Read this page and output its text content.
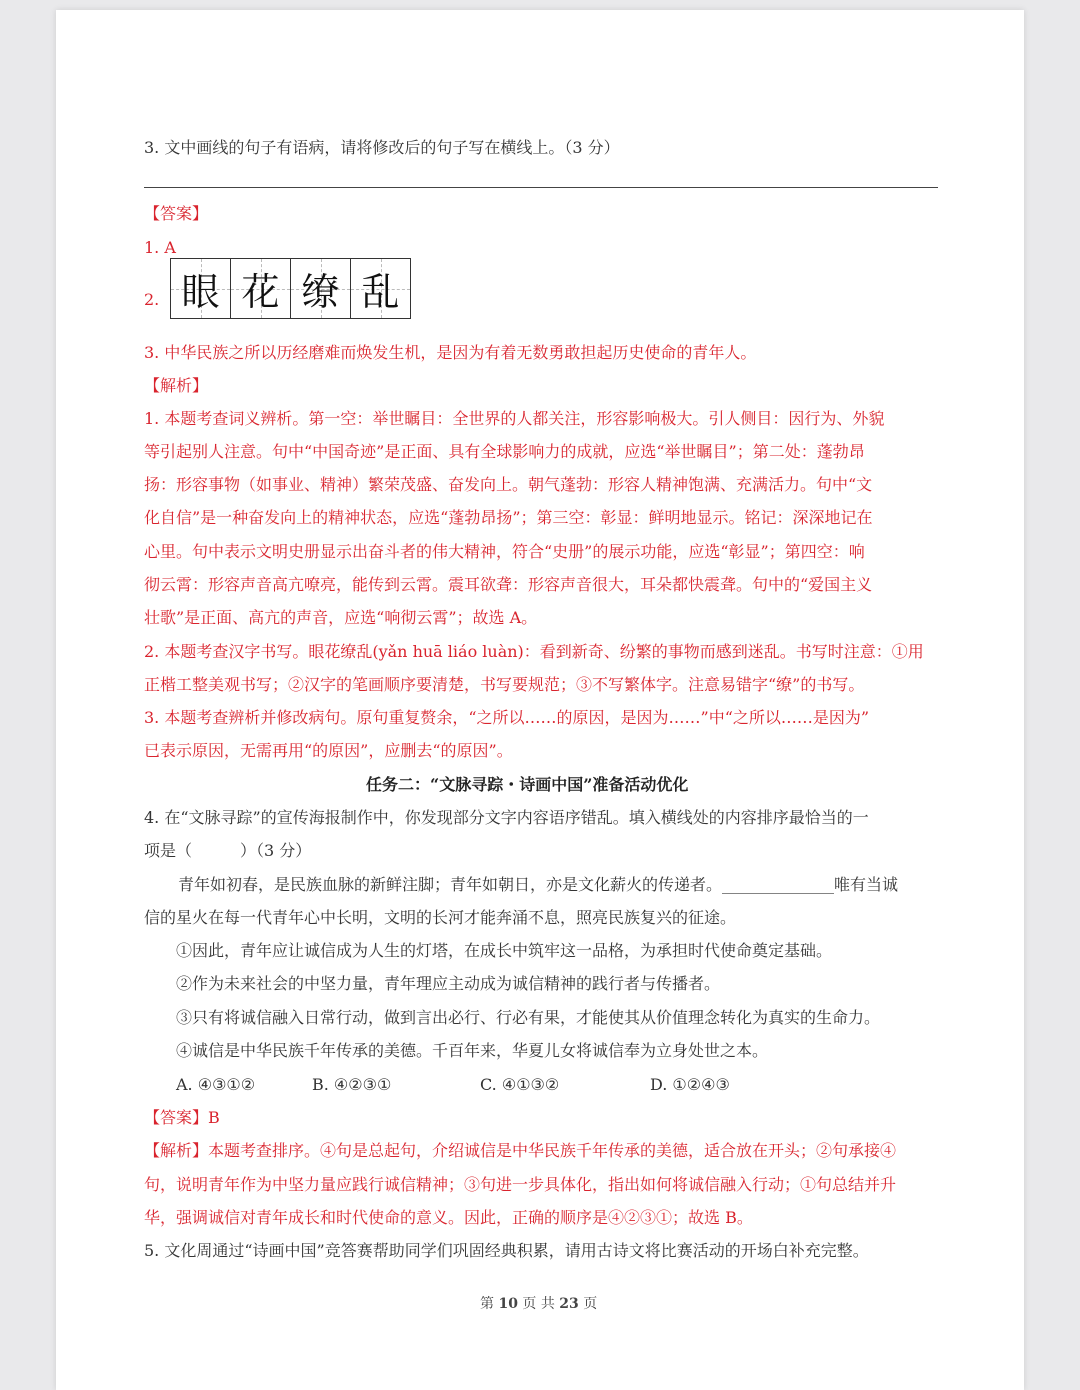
3. 文中画线的句子有语病，请将修改后的句子写在横线上。（3 分）
【答案】
1. A
2. 眼 花 缭 乱
3. 中华民族之所以历经磨难而焕发生机，是因为有着无数勇敢担起历史使命的青年人。
【解析】
1. 本题考查词义辨析。第一空：举世瞩目：全世界的人都关注，形容影响极大。引人侧目：因行为、外貌
等引起别人注意。句中“中国奇迹”是正面、具有全球影响力的成就，应选“举世瞩目”；第二处：蓬勃昂
扬：形容事物（如事业、精神）繁荣茂盛、奋发向上。朝气蓬勃：形容人精神饱满、充满活力。句中“文
化自信”是一种奋发向上的精神状态，应选“蓬勃昂扬”；第三空：彰显：鲜明地显示。铭记：深深地记在
心里。句中表示文明史册显示出奋斗者的伟大精神，符合“史册”的展示功能，应选“彰显”；第四空：响
彻云霄：形容声音高亢嘹亮，能传到云霄。震耳欲聋：形容声音很大，耳朵都快震聋。句中的“爱国主义
壮歌”是正面、高亢的声音，应选“响彻云霄”；故选 A。
2. 本题考查汉字书写。眼花缭乱(yǎn huā liáo luàn)：看到新奇、纷繁的事物而感到迷乱。书写时注意：①用
正楷工整美观书写；②汉字的笔画顺序要清楚，书写要规范；③不写繁体字。注意易错字“缭”的书写。
3. 本题考查辨析并修改病句。原句重复赘余，“之所以……的原因，是因为……”中“之所以……是因为”
已表示原因，无需再用“的原因”，应删去“的原因”。
任务二：“文脉寻踪・诗画中国”准备活动优化
4. 在“文脉寻踪”的宣传海报制作中，你发现部分文字内容语序错乱。填入横线处的内容排序最恰当的一
项是（　　　）（3 分）
青年如初春，是民族血脉的新鲜注脚；青年如朝日，亦是文化薪火的传递者。______________唯有当诚
信的星火在每一代青年心中长明，文明的长河才能奔涌不息，照亮民族复兴的征途。
①因此，青年应让诚信成为人生的灯塔，在成长中筑牢这一品格，为承担时代使命奠定基础。
②作为未来社会的中坚力量，青年理应主动成为诚信精神的践行者与传播者。
③只有将诚信融入日常行动，做到言出必行、行必有果，才能使其从价值理念转化为真实的生命力。
④诚信是中华民族千年传承的美德。千百年来，华夏儿女将诚信奉为立身处世之本。
A. ④③①②	B. ④②③①	C. ④①③②	D. ①②④③
【答案】B
【解析】本题考查排序。④句是总起句，介绍诚信是中华民族千年传承的美德，适合放在开头；②句承接④
句，说明青年作为中坚力量应践行诚信精神；③句进一步具体化，指出如何将诚信融入行动；①句总结并升
华，强调诚信对青年成长和时代使命的意义。因此，正确的顺序是④②③①；故选 B。
5. 文化周通过“诗画中国”竞答赛帮助同学们巩固经典积累，请用古诗文将比赛活动的开场白补充完整。
第 10 页 共 23 页
